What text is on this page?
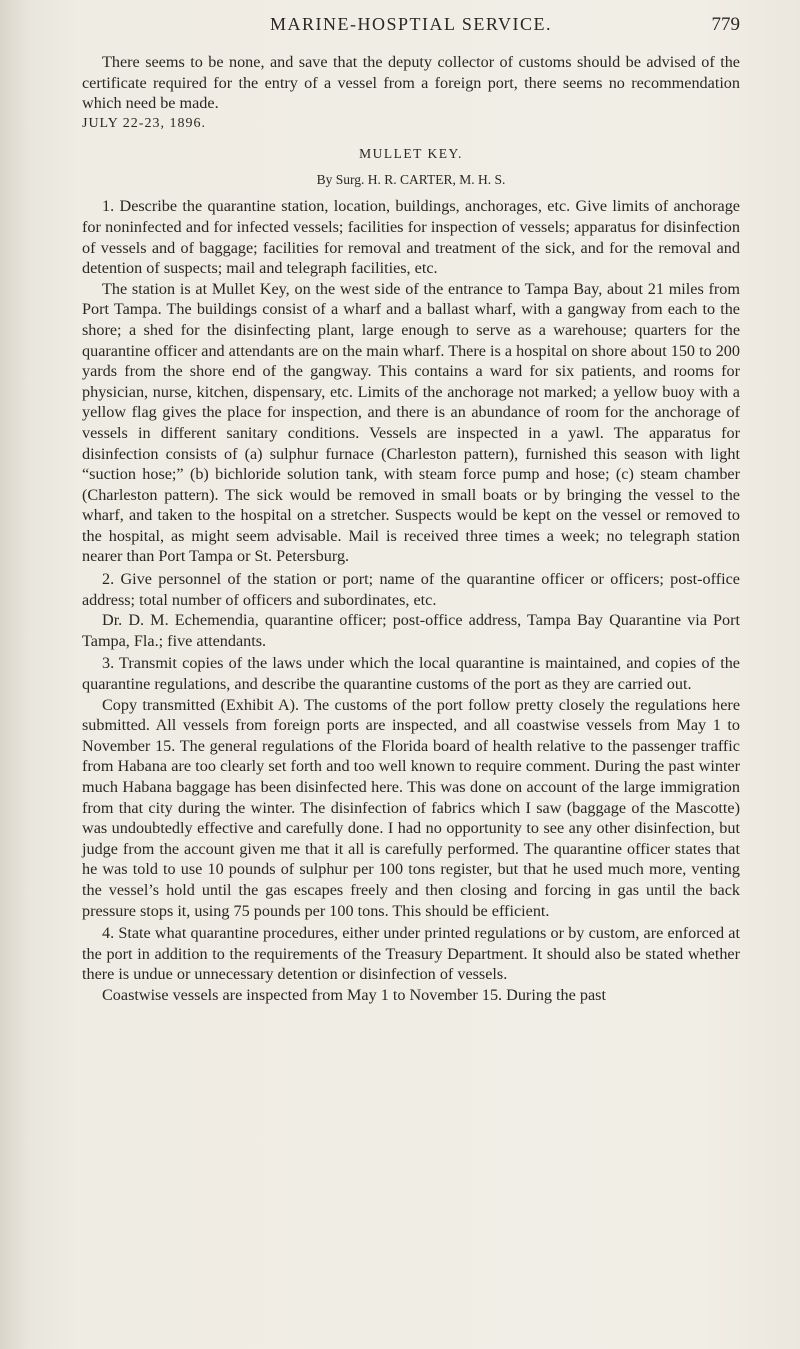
MARINE-HOSPTIAL SERVICE.	779

There seems to be none, and save that the deputy collector of customs should be advised of the certificate required for the entry of a vessel from a foreign port, there seems no recommendation which need be made.

JULY 22-23, 1896.
MULLET KEY.
By Surg. H. R. CARTER, M. H. S.

1. Describe the quarantine station, location, buildings, anchorages, etc. Give limits of anchorage for noninfected and for infected vessels; facilities for inspection of vessels; apparatus for disinfection of vessels and of baggage; facilities for removal and treatment of the sick, and for the removal and detention of suspects; mail and telegraph facilities, etc.

The station is at Mullet Key, on the west side of the entrance to Tampa Bay, about 21 miles from Port Tampa. The buildings consist of a wharf and a ballast wharf, with a gangway from each to the shore; a shed for the disinfecting plant, large enough to serve as a warehouse; quarters for the quarantine officer and attendants are on the main wharf. There is a hospital on shore about 150 to 200 yards from the shore end of the gangway. This contains a ward for six patients, and rooms for physician, nurse, kitchen, dispensary, etc. Limits of the anchorage not marked; a yellow buoy with a yellow flag gives the place for inspection, and there is an abundance of room for the anchorage of vessels in different sanitary conditions. Vessels are inspected in a yawl. The apparatus for disinfection consists of (a) sulphur furnace (Charleston pattern), furnished this season with light “suction hose;” (b) bichloride solution tank, with steam force pump and hose; (c) steam chamber (Charleston pattern). The sick would be removed in small boats or by bringing the vessel to the wharf, and taken to the hospital on a stretcher. Suspects would be kept on the vessel or removed to the hospital, as might seem advisable. Mail is received three times a week; no telegraph station nearer than Port Tampa or St. Petersburg.

2. Give personnel of the station or port; name of the quarantine officer or officers; post-office address; total number of officers and subordinates, etc.

Dr. D. M. Echemendia, quarantine officer; post-office address, Tampa Bay Quarantine via Port Tampa, Fla.; five attendants.

3. Transmit copies of the laws under which the local quarantine is maintained, and copies of the quarantine regulations, and describe the quarantine customs of the port as they are carried out.

Copy transmitted (Exhibit A). The customs of the port follow pretty closely the regulations here submitted. All vessels from foreign ports are inspected, and all coastwise vessels from May 1 to November 15. The general regulations of the Florida board of health relative to the passenger traffic from Habana are too clearly set forth and too well known to require comment. During the past winter much Habana baggage has been disinfected here. This was done on account of the large immigration from that city during the winter. The disinfection of fabrics which I saw (baggage of the Mascotte) was undoubtedly effective and carefully done. I had no opportunity to see any other disinfection, but judge from the account given me that it all is carefully performed. The quarantine officer states that he was told to use 10 pounds of sulphur per 100 tons register, but that he used much more, venting the vessel’s hold until the gas escapes freely and then closing and forcing in gas until the back pressure stops it, using 75 pounds per 100 tons. This should be efficient.

4. State what quarantine procedures, either under printed regulations or by custom, are enforced at the port in addition to the requirements of the Treasury Department. It should also be stated whether there is undue or unnecessary detention or disinfection of vessels.

Coastwise vessels are inspected from May 1 to November 15. During the past
